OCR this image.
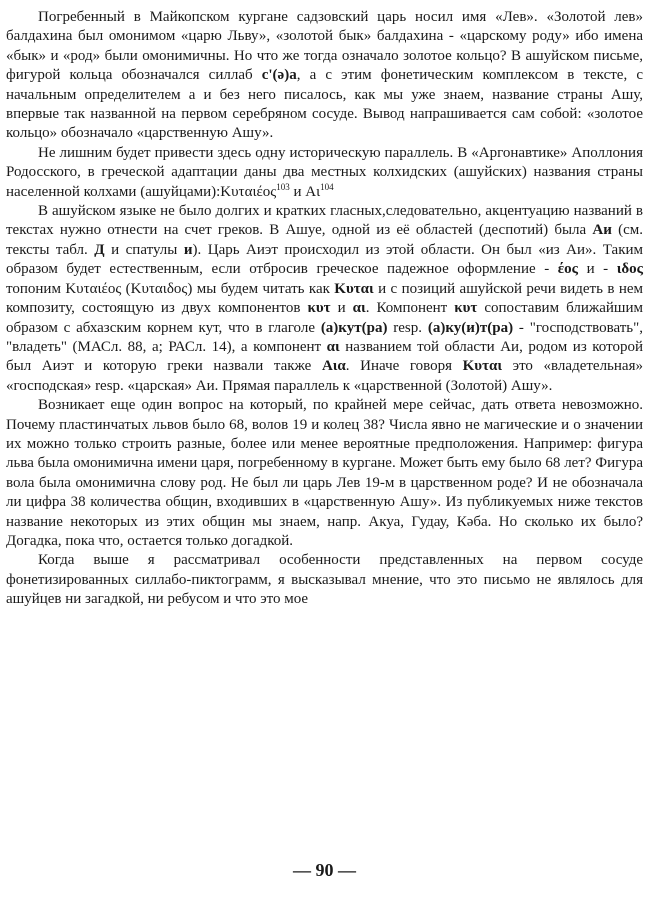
Погребенный в Майкопском кургане садзовский царь носил имя «Лев». «Золотой лев» балдахина был омонимом «царю Льву», «золотой бык» балдахина - «царскому роду» ибо имена «бык» и «род» были омонимичны. Но что же тогда означало золотое кольцо? В ашуйском письме, фигурой кольца обозначался силлаб с'(ə)а, а с этим фонетическим комплексом в тексте, с начальным определителем а и без него писалось, как мы уже знаем, название страны Ашу, впервые так названной на первом серебряном сосуде. Вывод напрашивается сам собой: «золотое кольцо» обозначало «царственную Ашу».

Не лишним будет привести здесь одну историческую параллель. В «Аргонавтике» Аполлония Родосского, в греческой адаптации даны два местных колхидских (ашуйских) названия страны населенной колхами (ашуйцами):Κυταιέος$^{103}$ и $A\iota^{104}$

В ашуйском языке не было долгих и кратких гласных,следовательно, акцентуацию названий в текстах нужно отнести на счет греков. В Ашуе, одной из её областей (деспотий) была Аи (см. тексты табл. Д и спатулы и). Царь Аиэт происходил из этой области. Он был «из Аи». Таким образом будет естественным, если отбросив греческое падежное оформление - έος и - ιδος топоним Κυταιέος (Κυταιδος) мы будем читать как Κυται и с позиций ашуйской речи видеть в нем композиту, состоящую из двух компонентов κυτ и αι. Компонент κυτ сопоставим ближайшим образом с абхазским корнем кут, что в глаголе (а)кут(ра) resp. (а)ку(и)т(ра) - "господствовать", "владеть" (МАСл. 88, а; РАСл. 14), а компонент αι названием той области Аи, родом из которой был Аиэт и которую греки назвали также Αια. Иначе говоря Κυται это «владетельная» «господская» resp. «царская» Аи. Прямая параллель к «царственной (Золотой) Ашу».

Возникает еще один вопрос на который, по крайней мере сейчас, дать ответа невозможно. Почему пластинчатых львов было 68, волов 19 и колец 38? Числа явно не магические и о значении их можно только строить разные, более или менее вероятные предположения. Например: фигура льва была омонимична имени царя, погребенному в кургане. Может быть ему было 68 лет? Фигура вола была омонимична слову род. Не был ли царь Лев 19-м в царственном роде? И не обозначала ли цифра 38 количества общин, входивших в «царственную Ашу». Из публикуемых ниже текстов название некоторых из этих общин мы знаем, напр. Акуа, Гудау, Кəба. Но сколько их было? Догадка, пока что, остается только догадкой.

Когда выше я рассматривал особенности представленных на первом сосуде фонетизированных силлабо-пиктограмм, я высказывал мнение, что это письмо не являлось для ашуйцев ни загадкой, ни ребусом и что это мое

— 90 —
